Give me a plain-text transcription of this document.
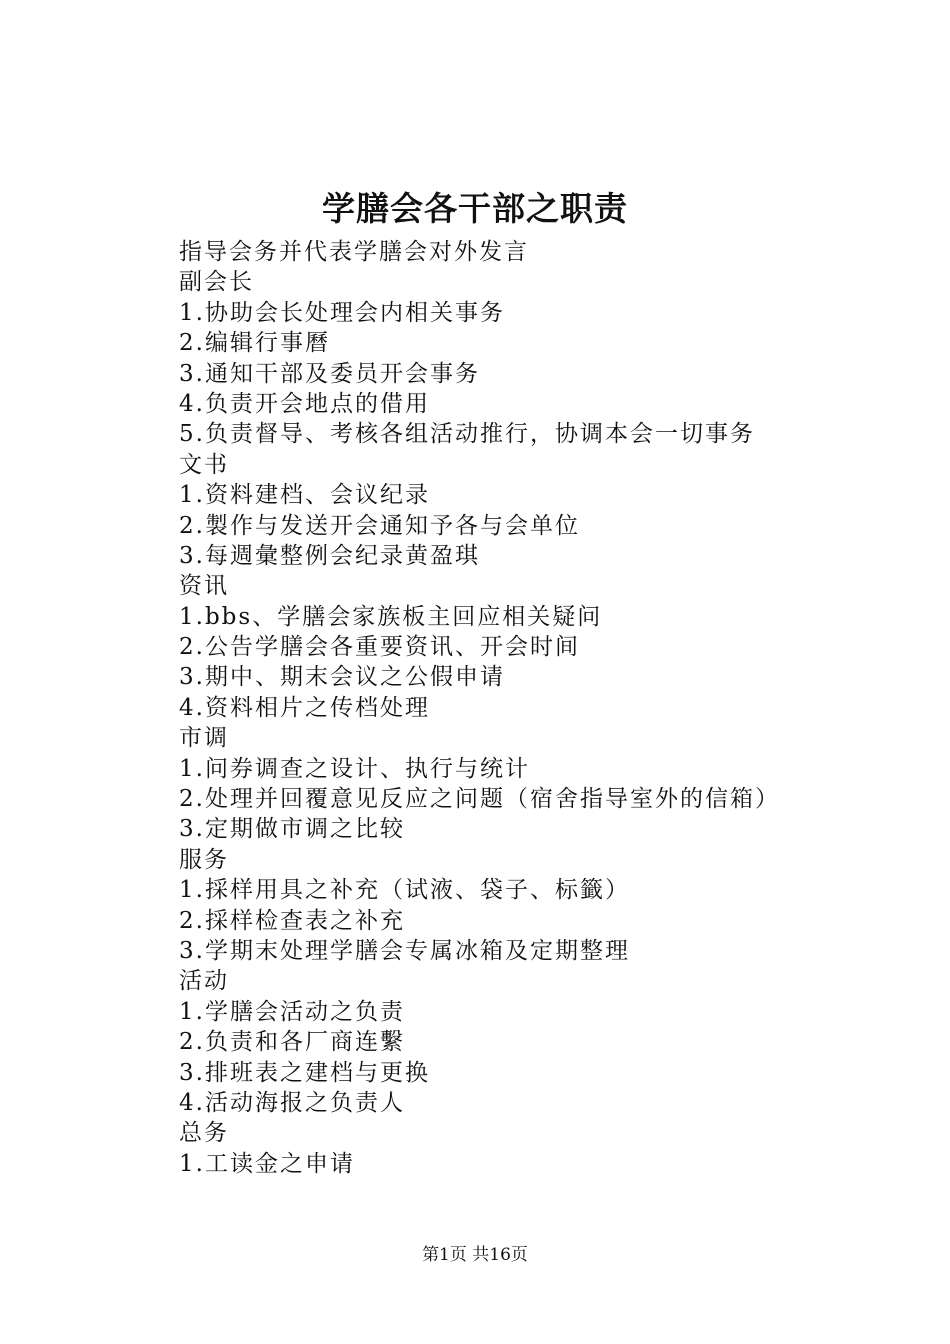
学膳会各干部之职责
指导会务并代表学膳会对外发言
副会长
1.协助会长处理会内相关事务
2.编辑行事曆
3.通知干部及委员开会事务
4.负责开会地点的借用
5.负责督导、考核各组活动推行，协调本会一切事务
文书
1.资料建档、会议纪录
2.製作与发送开会通知予各与会单位
3.每週彙整例会纪录黄盈琪
资讯
1.bbs、学膳会家族板主回应相关疑问
2.公告学膳会各重要资讯、开会时间
3.期中、期末会议之公假申请
4.资料相片之传档处理
市调
1.问券调查之设计、执行与统计
2.处理并回覆意见反应之问题（宿舍指导室外的信箱）
3.定期做市调之比较
服务
1.採样用具之补充（试液、袋子、标籤）
2.採样检查表之补充
3.学期末处理学膳会专属冰箱及定期整理
活动
1.学膳会活动之负责
2.负责和各厂商连繫
3.排班表之建档与更换
4.活动海报之负责人
总务
1.工读金之申请
第1页 共16页
